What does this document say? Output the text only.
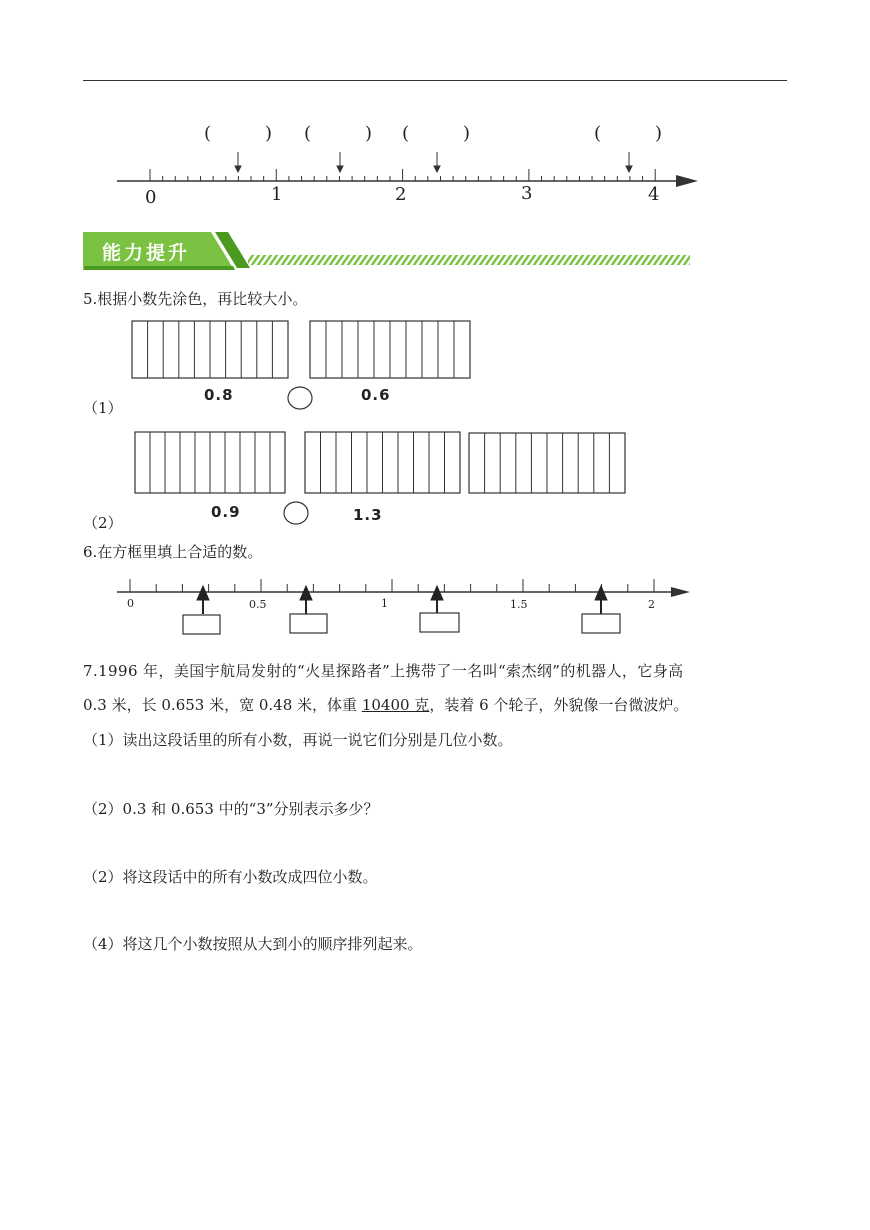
0	1	2	3	4
(　　) (　　) (　　)	(　　)
能力提升
5.根据小数先涂色，再比较大小。
0.8	0.6
（1）
0.9	1.3
（2）
6.在方框里填上合适的数。
0	0.5	1	1.5	2
7.1996 年，美国宇航局发射的“火星探路者”上携带了一名叫“索杰纲”的机器人，它身高
0.3 米，长 0.653 米，宽 0.48 米，体重 10400 克，装着 6 个轮子，外貌像一台微波炉。
（1）读出这段话里的所有小数，再说一说它们分别是几位小数。
（2）0.3 和 0.653 中的“3”分别表示多少？
（2）将这段话中的所有小数改成四位小数。
（4）将这几个小数按照从大到小的顺序排列起来。
